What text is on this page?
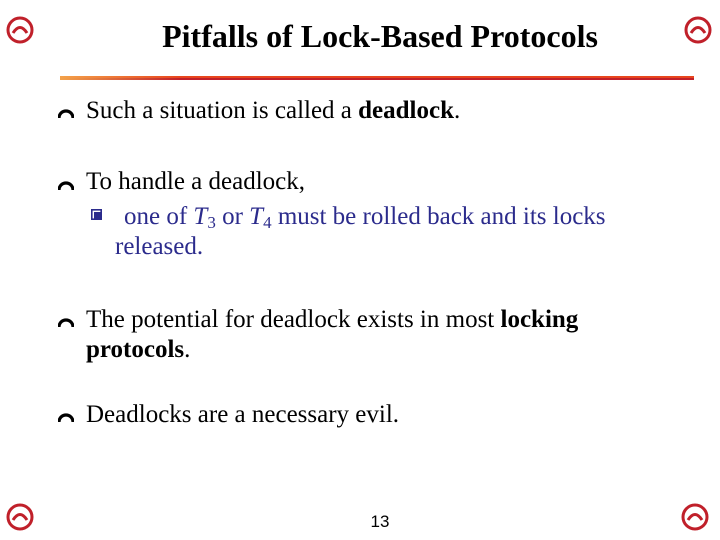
Pitfalls of Lock-Based Protocols
Such a situation is called a deadlock.
To handle a deadlock,
one of $T_3$ or $T_4$ must be rolled back and its locks
released.
The potential for deadlock exists in most locking
protocols.
Deadlocks are a necessary evil.
13
